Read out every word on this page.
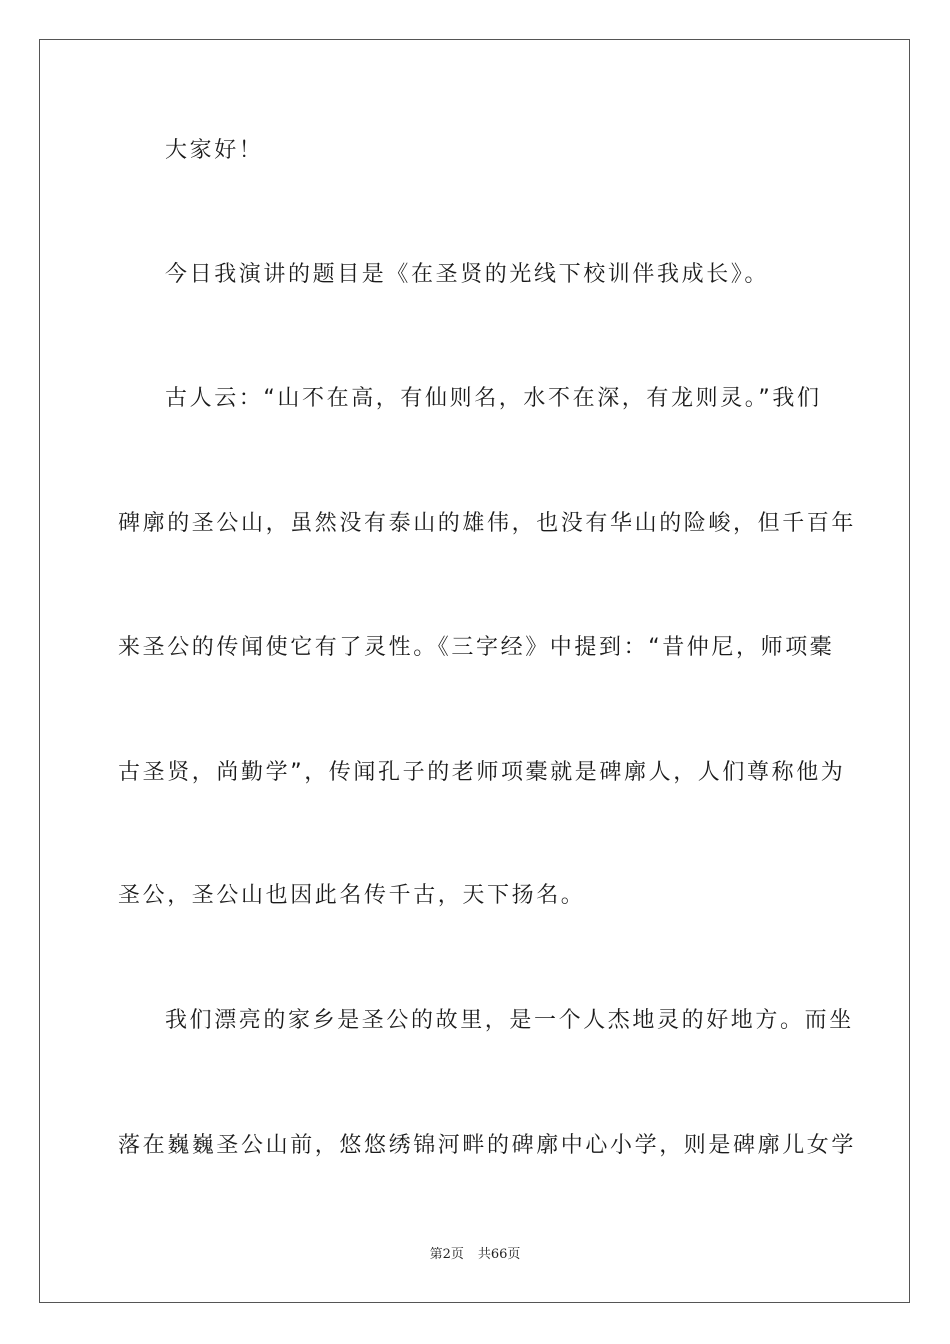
大家好！
今日我演讲的题目是《在圣贤的光线下校训伴我成长》。
古人云：“山不在高，有仙则名，水不在深，有龙则灵。”我们
碑廓的圣公山，虽然没有泰山的雄伟，也没有华山的险峻，但千百年
来圣公的传闻使它有了灵性。《三字经》中提到：“昔仲尼，师项橐
古圣贤，尚勤学”，传闻孔子的老师项橐就是碑廓人，人们尊称他为
圣公，圣公山也因此名传千古，天下扬名。
我们漂亮的家乡是圣公的故里，是一个人杰地灵的好地方。而坐
落在巍巍圣公山前，悠悠绣锦河畔的碑廓中心小学，则是碑廓儿女学
第2页 共66页
